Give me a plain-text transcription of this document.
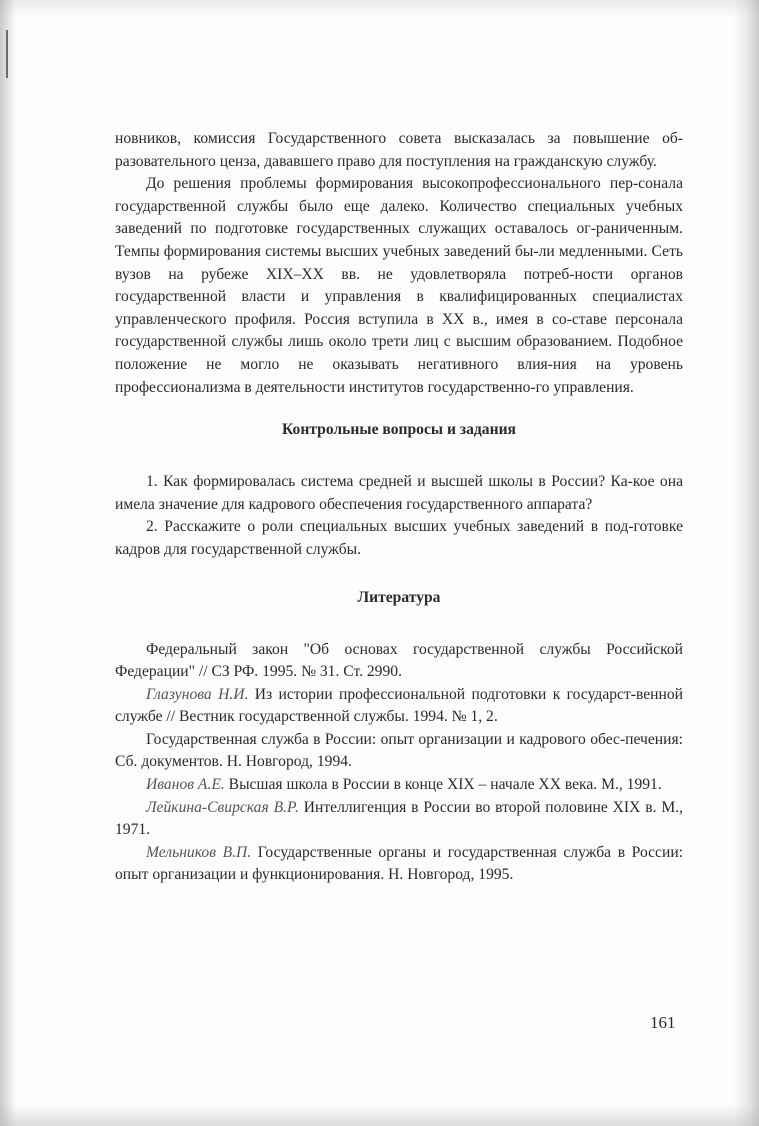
новников, комиссия Государственного совета высказалась за повышение об-разовательного ценза, дававшего право для поступления на гражданскую службу.

До решения проблемы формирования высокопрофессионального пер-сонала государственной службы было еще далеко. Количество специальных учебных заведений по подготовке государственных служащих оставалось ог-раниченным. Темпы формирования системы высших учебных заведений бы-ли медленными. Сеть вузов на рубеже XIX–XX вв. не удовлетворяла потреб-ности органов государственной власти и управления в квалифицированных специалистах управленческого профиля. Россия вступила в XX в., имея в со-ставе персонала государственной службы лишь около трети лиц с высшим образованием. Подобное положение не могло не оказывать негативного влия-ния на уровень профессионализма в деятельности институтов государственно-го управления.

Контрольные вопросы и задания

1. Как формировалась система средней и высшей школы в России? Ка-кое она имела значение для кадрового обеспечения государственного аппарата?

2. Расскажите о роли специальных высших учебных заведений в под-готовке кадров для государственной службы.

Литература

Федеральный закон "Об основах государственной службы Российской Федерации" // СЗ РФ. 1995. № 31. Ст. 2990.

Глазунова Н.И. Из истории профессиональной подготовки к государст-венной службе // Вестник государственной службы. 1994. № 1, 2.

Государственная служба в России: опыт организации и кадрового обес-печения: Сб. документов. Н. Новгород, 1994.

Иванов А.Е. Высшая школа в России в конце XIX – начале XX века. М., 1991.

Лейкина-Свирская В.Р. Интеллигенция в России во второй половине XIX в. М., 1971.

Мельников В.П. Государственные органы и государственная служба в России: опыт организации и функционирования. Н. Новгород, 1995.

161
